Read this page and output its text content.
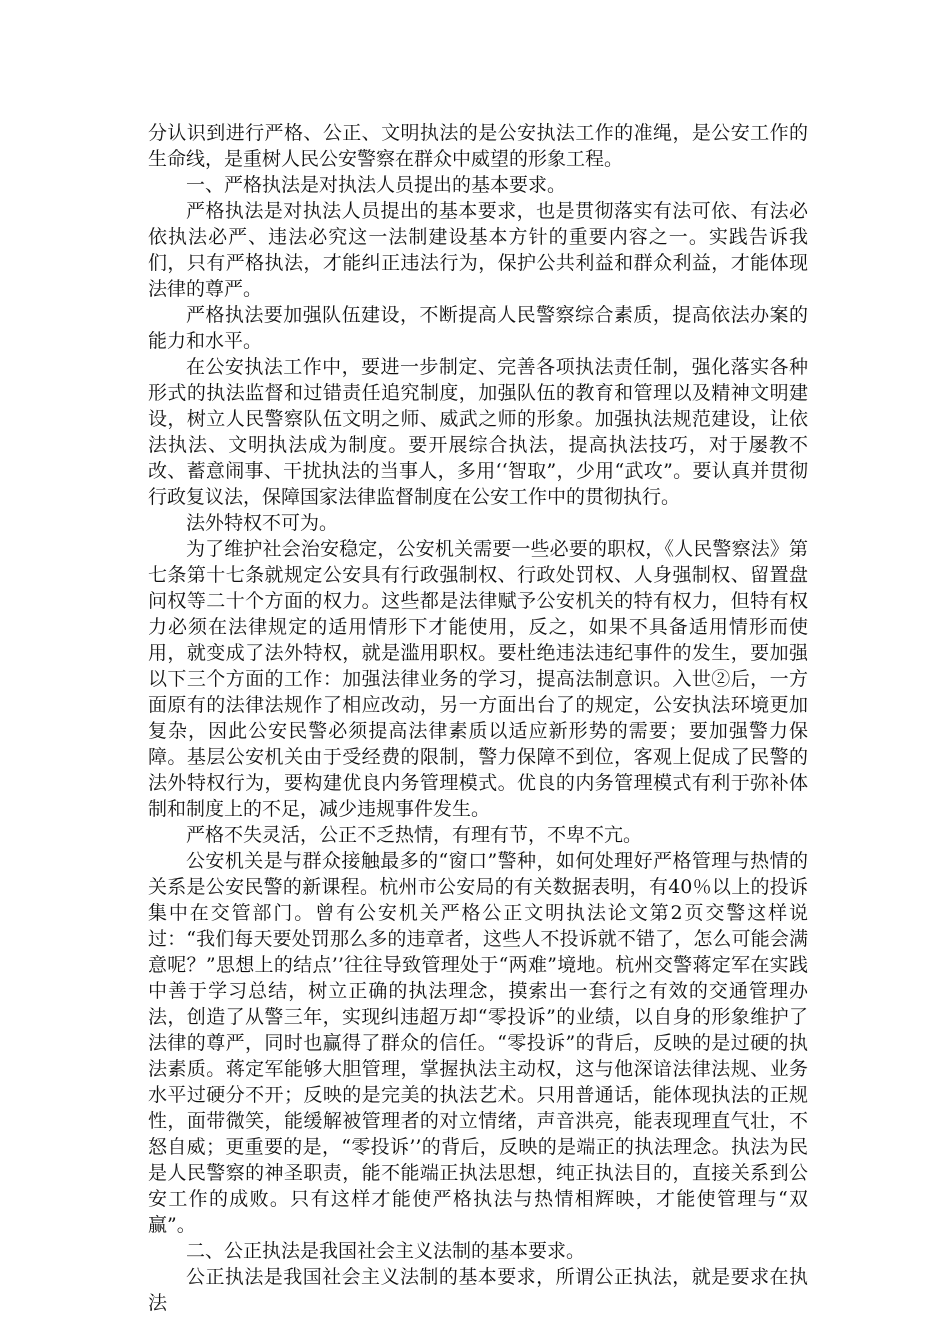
分认识到进行严格、公正、文明执法的是公安执法工作的准绳，是公安工作的生命线，是重树人民公安警察在群众中威望的形象工程。

一、严格执法是对执法人员提出的基本要求。

严格执法是对执法人员提出的基本要求，也是贯彻落实有法可依、有法必依执法必严、违法必究这一法制建设基本方针的重要内容之一。实践告诉我们，只有严格执法，才能纠正违法行为，保护公共利益和群众利益，才能体现法律的尊严。

严格执法要加强队伍建设，不断提高人民警察综合素质，提高依法办案的能力和水平。

在公安执法工作中，要进一步制定、完善各项执法责任制，强化落实各种形式的执法监督和过错责任追究制度，加强队伍的教育和管理以及精神文明建设，树立人民警察队伍文明之师、威武之师的形象。加强执法规范建设，让依法执法、文明执法成为制度。要开展综合执法，提高执法技巧，对于屡教不改、蓄意闹事、干扰执法的当事人，多用‘‘智取”，少用“武攻”。要认真并贯彻行政复议法，保障国家法律监督制度在公安工作中的贯彻执行。

法外特权不可为。

为了维护社会治安稳定，公安机关需要一些必要的职权，《人民警察法》第七条第十七条就规定公安具有行政强制权、行政处罚权、人身强制权、留置盘问权等二十个方面的权力。这些都是法律赋予公安机关的特有权力，但特有权力必须在法律规定的适用情形下才能使用，反之，如果不具备适用情形而使用，就变成了法外特权，就是滥用职权。要杜绝违法违纪事件的发生，要加强以下三个方面的工作：加强法律业务的学习，提高法制意识。入世②后，一方面原有的法律法规作了相应改动，另一方面出台了的规定，公安执法环境更加复杂，因此公安民警必须提高法律素质以适应新形势的需要；要加强警力保障。基层公安机关由于受经费的限制，警力保障不到位，客观上促成了民警的法外特权行为，要构建优良内务管理模式。优良的内务管理模式有利于弥补体制和制度上的不足，减少违规事件发生。

严格不失灵活，公正不乏热情，有理有节，不卑不亢。

公安机关是与群众接触最多的“窗口”警种，如何处理好严格管理与热情的关系是公安民警的新课程。杭州市公安局的有关数据表明，有40％以上的投诉集中在交管部门。曾有公安机关严格公正文明执法论文第2页交警这样说过：“我们每天要处罚那么多的违章者，这些人不投诉就不错了，怎么可能会满意呢？”思想上的结点’’往往导致管理处于“两难”境地。杭州交警蒋定军在实践中善于学习总结，树立正确的执法理念，摸索出一套行之有效的交通管理办法，创造了从警三年，实现纠违超万却“零投诉”的业绩，以自身的形象维护了法律的尊严，同时也赢得了群众的信任。“零投诉”的背后，反映的是过硬的执法素质。蒋定军能够大胆管理，掌握执法主动权，这与他深谙法律法规、业务水平过硬分不开；反映的是完美的执法艺术。只用普通话，能体现执法的正规性，面带微笑，能缓解被管理者的对立情绪，声音洪亮，能表现理直气壮，不怒自威；更重要的是，“零投诉’’的背后，反映的是端正的执法理念。执法为民是人民警察的神圣职责，能不能端正执法思想，纯正执法目的，直接关系到公安工作的成败。只有这样才能使严格执法与热情相辉映，才能使管理与“双赢”。

二、公正执法是我国社会主义法制的基本要求。

公正执法是我国社会主义法制的基本要求，所谓公正执法，就是要求在执法
